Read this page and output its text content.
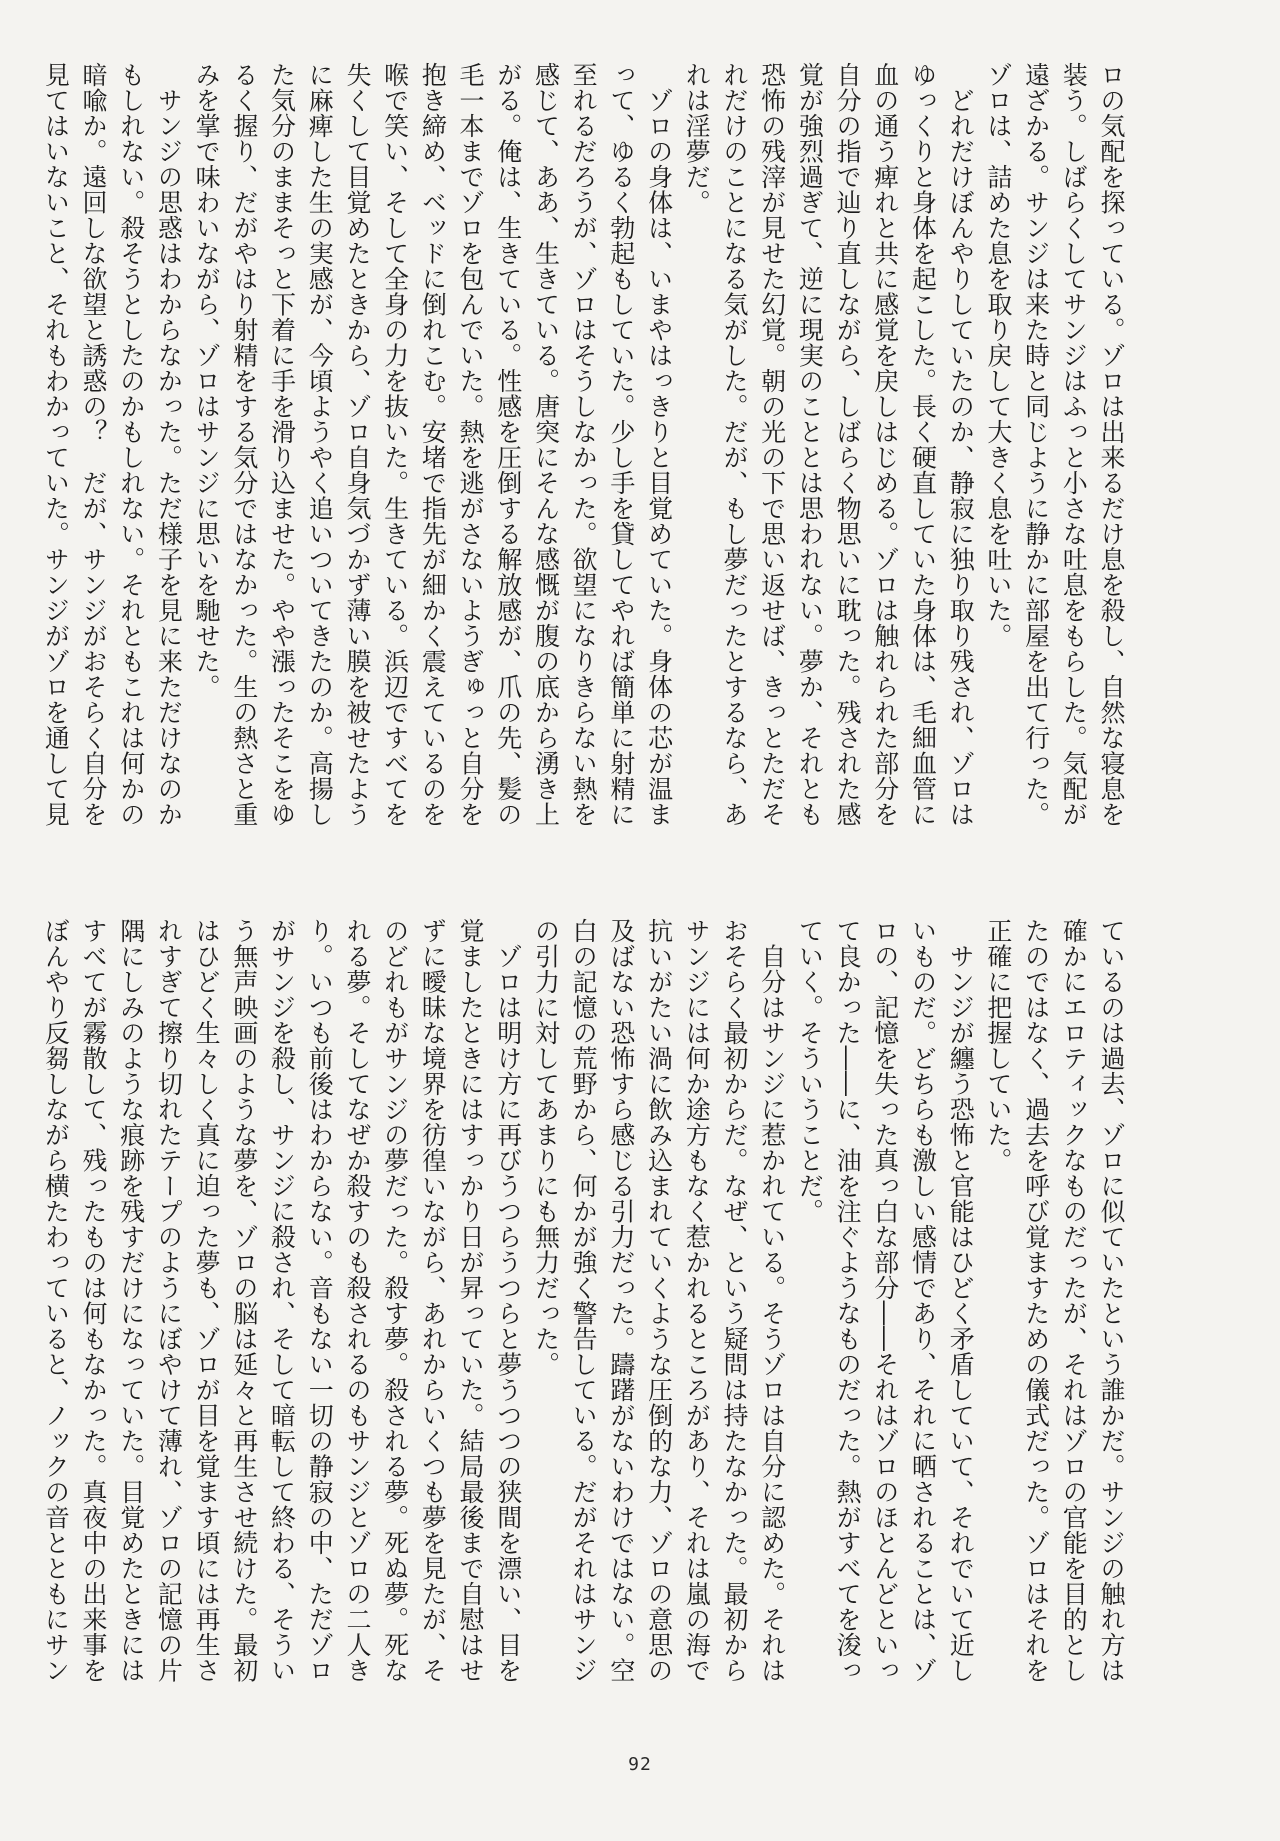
ロの気配を探っている。ゾロは出来るだけ息を殺し、自然な寝息を
装う。しばらくしてサンジはふっと小さな吐息をもらした。気配が
遠ざかる。サンジは来た時と同じように静かに部屋を出て行った。
ゾロは、詰めた息を取り戻して大きく息を吐いた。
　どれだけぼんやりしていたのか、静寂に独り取り残され、ゾロは
ゆっくりと身体を起こした。長く硬直していた身体は、毛細血管に
血の通う痺れと共に感覚を戻しはじめる。ゾロは触れられた部分を
自分の指で辿り直しながら、しばらく物思いに耽った。残された感
覚が強烈過ぎて、逆に現実のこととは思われない。夢か、それとも
恐怖の残滓が見せた幻覚。朝の光の下で思い返せば、きっとただそ
れだけのことになる気がした。だが、もし夢だったとするなら、あ
れは淫夢だ。
　ゾロの身体は、いまやはっきりと目覚めていた。身体の芯が温ま
って、ゆるく勃起もしていた。少し手を貸してやれば簡単に射精に
至れるだろうが、ゾロはそうしなかった。欲望になりきらない熱を
感じて、ああ、生きている。唐突にそんな感慨が腹の底から湧き上
がる。俺は、生きている。性感を圧倒する解放感が、爪の先、髪の
毛一本までゾロを包んでいた。熱を逃がさないようぎゅっと自分を
抱き締め、ベッドに倒れこむ。安堵で指先が細かく震えているのを
喉で笑い、そして全身の力を抜いた。生きている。浜辺ですべてを
失くして目覚めたときから、ゾロ自身気づかず薄い膜を被せたよう
に麻痺した生の実感が、今頃ようやく追いついてきたのか。高揚し
た気分のままそっと下着に手を滑り込ませた。やや漲ったそこをゆ
るく握り、だがやはり射精をする気分ではなかった。生の熱さと重
みを掌で味わいながら、ゾロはサンジに思いを馳せた。
　サンジの思惑はわからなかった。ただ様子を見に来ただけなのか
もしれない。殺そうとしたのかもしれない。それともこれは何かの
暗喩か。遠回しな欲望と誘惑の？　だが、サンジがおそらく自分を
見てはいないこと、それもわかっていた。サンジがゾロを通して見
ているのは過去、ゾロに似ていたという誰かだ。サンジの触れ方は
確かにエロティックなものだったが、それはゾロの官能を目的とし
たのではなく、過去を呼び覚ますための儀式だった。ゾロはそれを
正確に把握していた。
　サンジが纏う恐怖と官能はひどく矛盾していて、それでいて近し
いものだ。どちらも激しい感情であり、それに晒されることは、ゾ
ロの、記憶を失った真っ白な部分――それはゾロのほとんどといっ
て良かった――に、油を注ぐようなものだった。熱がすべてを浚っ
ていく。そういうことだ。
　自分はサンジに惹かれている。そうゾロは自分に認めた。それは
おそらく最初からだ。なぜ、という疑問は持たなかった。最初から
サンジには何か途方もなく惹かれるところがあり、それは嵐の海で
抗いがたい渦に飲み込まれていくような圧倒的な力、ゾロの意思の
及ばない恐怖すら感じる引力だった。躊躇がないわけではない。空
白の記憶の荒野から、何かが強く警告している。だがそれはサンジ
の引力に対してあまりにも無力だった。
　ゾロは明け方に再びうつらうつらと夢うつつの狭間を漂い、目を
覚ましたときにはすっかり日が昇っていた。結局最後まで自慰はせ
ずに曖昧な境界を彷徨いながら、あれからいくつも夢を見たが、そ
のどれもがサンジの夢だった。殺す夢。殺される夢。死ぬ夢。死な
れる夢。そしてなぜか殺すのも殺されるのもサンジとゾロの二人き
り。いつも前後はわからない。音もない一切の静寂の中、ただゾロ
がサンジを殺し、サンジに殺され、そして暗転して終わる、そうい
う無声映画のような夢を、ゾロの脳は延々と再生させ続けた。最初
はひどく生々しく真に迫った夢も、ゾロが目を覚ます頃には再生さ
れすぎて擦り切れたテープのようにぼやけて薄れ、ゾロの記憶の片
隅にしみのような痕跡を残すだけになっていた。目覚めたときには
すべてが霧散して、残ったものは何もなかった。真夜中の出来事を
ぼんやり反芻しながら横たわっていると、ノックの音とともにサン
92
